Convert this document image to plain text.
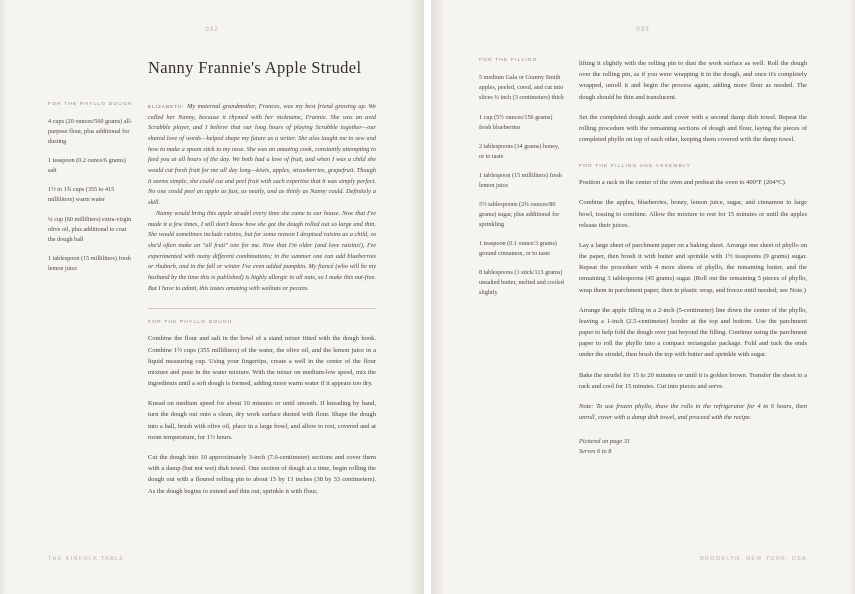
032
Nanny Frannie's Apple Strudel
FOR THE PHYLLO DOUGH

4 cups (20 ounces/560 grams) all-purpose flour, plus additional for dusting

1 teaspoon (0.2 ounce/6 grams) salt

1½ to 1¾ cups (355 to 415 milliliters) warm water

¼ cup (60 milliliters) extra-virgin olive oil, plus additional to coat the dough ball

1 tablespoon (15 milliliters) fresh lemon juice

ELIZABETH: My maternal grandmother, Frances, was my best friend growing up. We called her Nanny, because it rhymed with her nickname, Frannie. She was an avid Scrabble player, and I believe that our long hours of playing Scrabble together—our shared love of words—helped shape my future as a writer. She also taught me to sew and how to make a spoon stick to my nose. She was an amazing cook, constantly attempting to feed you at all hours of the day. We both had a love of fruit, and when I was a child she would cut fresh fruit for me all day long—kiwis, apples, strawberries, grapefruit. Though it seems simple, she could cut and peel fruit with such expertise that it was simply perfect. No one could peel an apple as fast, as neatly, and as thinly as Nanny could. Definitely a skill.

Nanny would bring this apple strudel every time she came to our house. Now that I've made it a few times, I still don't know how she got the dough rolled out so large and thin. She would sometimes include raisins, but for some reason I despised raisins as a child, so she'd often make an "all fruit" one for me. Now that I'm older (and love raisins!), I've experimented with many different combinations; in the summer one can add blueberries or rhubarb, and in the fall or winter I've even added pumpkin. My fiancé (who will be my husband by the time this is published) is highly allergic to all nuts, so I make this nut-free. But I have to admit, this tastes amazing with walnuts or pecans.

FOR THE PHYLLO DOUGH

Combine the flour and salt in the bowl of a stand mixer fitted with the dough hook. Combine 1½ cups (355 milliliters) of the water, the olive oil, and the lemon juice in a liquid measuring cup. Using your fingertips, create a well in the center of the flour mixture and pour in the water mixture. With the mixer on medium-low speed, mix the ingredients until a soft dough is formed, adding more warm water if it appears too dry.

Knead on medium speed for about 10 minutes or until smooth. If kneading by hand, turn the dough out onto a clean, dry work surface dusted with flour. Shape the dough into a ball, brush with olive oil, place in a large bowl, and allow to rest, covered and at room temperature, for 1½ hours.

Cut the dough into 10 approximately 3-inch (7.6-centimeter) sections and cover them with a damp (but not wet) dish towel. One section of dough at a time, begin rolling the dough out with a floured rolling pin to about 15 by 13 inches (38 by 33 centimeters). As the dough begins to extend and thin out, sprinkle it with flour,

THE KINFOLK TABLE
033
FOR THE FILLING

5 medium Gala or Granny Smith apples, peeled, cored, and cut into slices ¼ inch (3 centimeters) thick

1 cup (5½ ounces/156 grams) fresh blueberries

2 tablespoons (14 grams) honey, or to taste

1 tablespoon (15 milliliters) fresh lemon juice

5½ tablespoons (2¾ ounces/80 grams) sugar, plus additional for sprinkling

1 teaspoon (0.1 ounce/3 grams) ground cinnamon, or to taste

8 tablespoons (1 stick/113 grams) unsalted butter, melted and cooled slightly

lifting it slightly with the rolling pin to dust the work surface as well. Roll the dough over the rolling pin, as if you were wrapping it in the dough, and once it's completely wrapped, unroll it and begin the process again, adding more flour as needed. The dough should be thin and translucent.

Set the completed dough aside and cover with a second damp dish towel. Repeat the rolling procedure with the remaining sections of dough and flour, laying the pieces of completed phyllo on top of each other, keeping them covered with the damp towel.

FOR THE FILLING AND ASSEMBLY

Position a rack in the center of the oven and preheat the oven to 400°F (204°C).

Combine the apples, blueberries, honey, lemon juice, sugar, and cinnamon in large bowl, tossing to combine. Allow the mixture to rest for 15 minutes or until the apples release their juices.

Lay a large sheet of parchment paper on a baking sheet. Arrange one sheet of phyllo on the paper, then brush it with butter and sprinkle with 1½ teaspoons (9 grams) sugar. Repeat the procedure with 4 more sheets of phyllo, the remaining butter, and the remaining 3 tablespoons (45 grams) sugar. (Roll out the remaining 5 pieces of phyllo, wrap them in parchment paper, then in plastic wrap, and freeze until needed; see Note.)

Arrange the apple filling in a 2-inch (5-centimeter) line down the center of the phyllo, leaving a 1-inch (2.5-centimeter) border at the top and bottom. Use the parchment paper to help fold the dough over just beyond the filling. Continue using the parchment paper to roll the phyllo into a compact rectangular package. Fold and tuck the ends under the strudel, then brush the top with butter and sprinkle with sugar.

Bake the strudel for 15 to 20 minutes or until it is golden brown. Transfer the sheet to a rack and cool for 15 minutes. Cut into pieces and serve.

Note: To use frozen phyllo, thaw the rolls in the refrigerator for 4 to 6 hours, then unroll, cover with a damp dish towel, and proceed with the recipe.

Pictured on page 31

Serves 6 to 8

BROOKLYN, NEW YORK, USA
